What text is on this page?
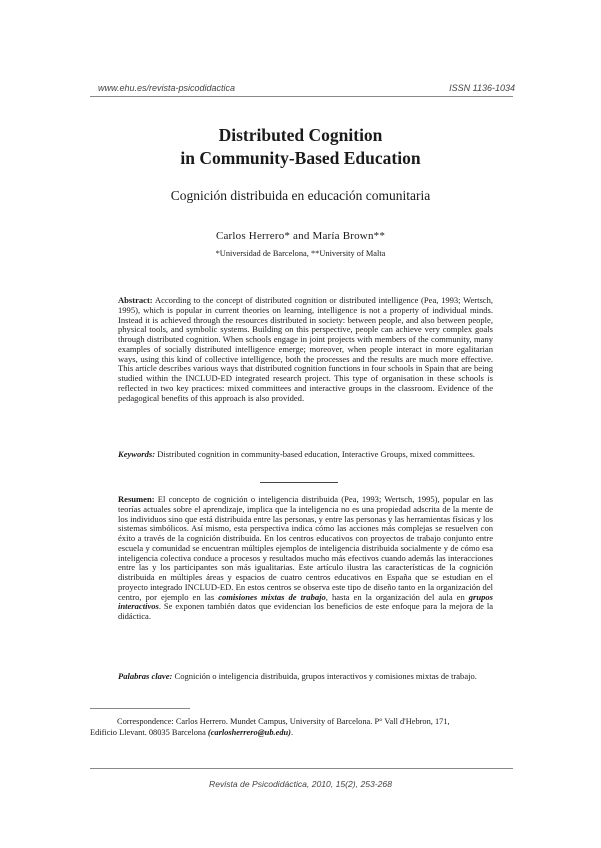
www.ehu.es/revista-psicodidactica	ISSN 1136-1034
Distributed Cognition
in Community-Based Education
Cognición distribuida en educación comunitaria
Carlos Herrero* and María Brown**
*Universidad de Barcelona, **University of Malta
Abstract: According to the concept of distributed cognition or distributed intelligence (Pea, 1993; Wertsch, 1995), which is popular in current theories on learning, intelligence is not a property of individual minds. Instead it is achieved through the resources distributed in society: between people, and also between people, physical tools, and symbolic systems. Building on this perspective, people can achieve very complex goals through distributed cognition. When schools engage in joint projects with members of the community, many examples of socially distributed intelligence emerge; moreover, when people interact in more egalitarian ways, using this kind of collective intelligence, both the processes and the results are much more effective. This article describes various ways that distributed cognition functions in four schools in Spain that are being studied within the INCLUD-ED integrated research project. This type of organisation in these schools is reflected in two key practices: mixed committees and interactive groups in the classroom. Evidence of the pedagogical benefits of this approach is also provided.
Keywords: Distributed cognition in community-based education, Interactive Groups, mixed committees.
Resumen: El concepto de cognición o inteligencia distribuida (Pea, 1993; Wertsch, 1995), popular en las teorías actuales sobre el aprendizaje, implica que la inteligencia no es una propiedad adscrita de la mente de los individuos sino que está distribuida entre las personas, y entre las personas y las herramientas físicas y los sistemas simbólicos. Así mismo, esta perspectiva indica cómo las acciones más complejas se resuelven con éxito a través de la cognición distribuida. En los centros educativos con proyectos de trabajo conjunto entre escuela y comunidad se encuentran múltiples ejemplos de inteligencia distribuida socialmente y de cómo esa inteligencia colectiva conduce a procesos y resultados mucho más efectivos cuando además las interacciones entre las y los participantes son más igualitarias. Este artículo ilustra las características de la cognición distribuida en múltiples áreas y espacios de cuatro centros educativos en España que se estudian en el proyecto integrado INCLUD-ED. En estos centros se observa este tipo de diseño tanto en la organización del centro, por ejemplo en las comisiones mixtas de trabajo, hasta en la organización del aula en grupos interactivos. Se exponen también datos que evidencian los beneficios de este enfoque para la mejora de la didáctica.
Palabras clave: Cognición o inteligencia distribuida, grupos interactivos y comisiones mixtas de trabajo.
Correspondence: Carlos Herrero. Mundet Campus, University of Barcelona. P° Vall d'Hebron, 171,
Edificio Llevant. 08035 Barcelona (carlosherrero@ub.edu).
Revista de Psicodidáctica, 2010, 15(2), 253-268
